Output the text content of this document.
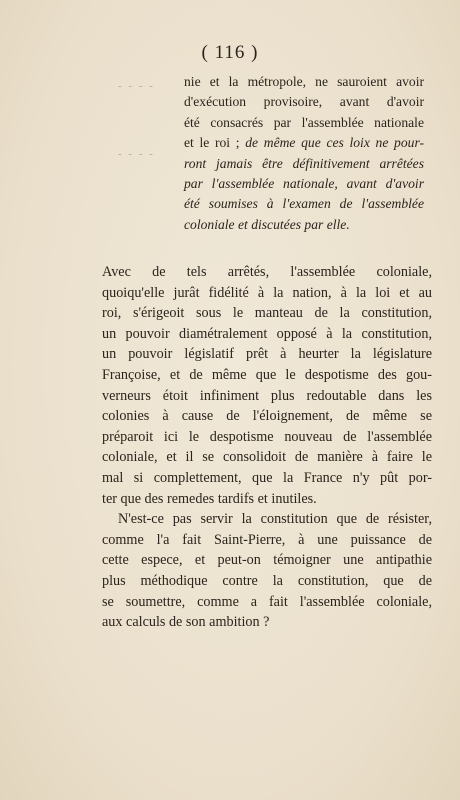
( 116 )
- - - -
- - - -
nie et la métropole, ne sauroient avoir
d'exécution provisoire, avant d'avoir
été consacrés par l'assemblée nationale
et le roi ; de même que ces loix ne pour-
ront jamais être définitivement arrêtées
par l'assemblée nationale, avant d'avoir
été soumises à l'examen de l'assemblée
coloniale et discutées par elle.
Avec de tels arrêtés, l'assemblée coloniale,
quoiqu'elle jurât fidélité à la nation, à la loi et au
roi, s'érigeoit sous le manteau de la constitution,
un pouvoir diamétralement opposé à la constitution,
un pouvoir législatif prêt à heurter la législature
Françoise, et de même que le despotisme des gou-
verneurs étoit infiniment plus redoutable dans les
colonies à cause de l'éloignement, de même se
préparoit ici le despotisme nouveau de l'assemblée
coloniale, et il se consolidoit de manière à faire le
mal si complettement, que la France n'y pût por-
ter que des remedes tardifs et inutiles.
N'est-ce pas servir la constitution que de résister,
comme l'a fait Saint-Pierre, à une puissance de
cette espece, et peut-on témoigner une antipathie
plus méthodique contre la constitution, que de
se soumettre, comme a fait l'assemblée coloniale,
aux calculs de son ambition ?
